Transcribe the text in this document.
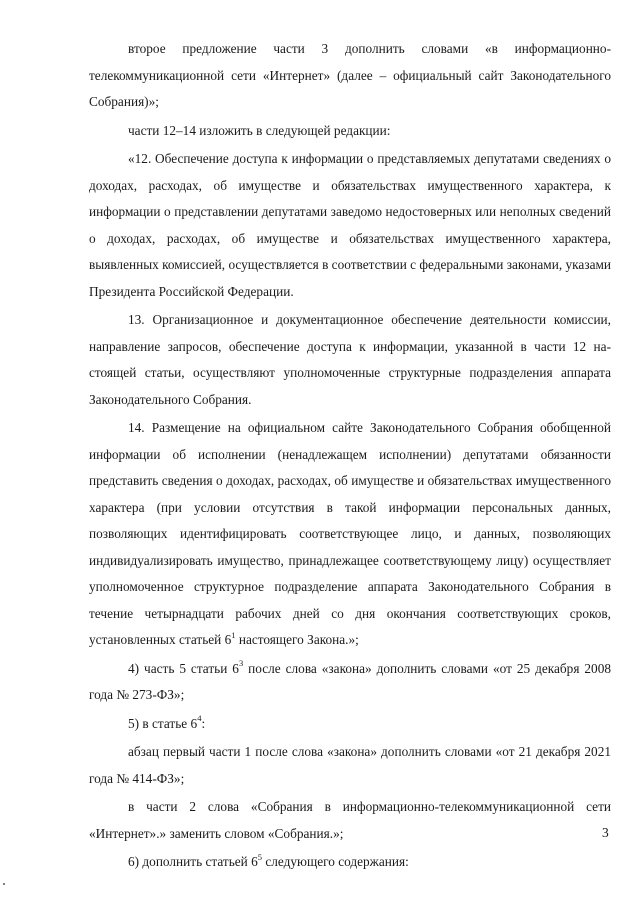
второе предложение части 3 дополнить словами «в информационно-телекоммуникационной сети «Интернет» (далее – официальный сайт Законодательного Собрания)»;

части 12–14 изложить в следующей редакции:

«12. Обеспечение доступа к информации о представляемых депутатами сведениях о доходах, расходах, об имуществе и обязательствах имущественного характера, к информации о представлении депутатами заведомо недостоверных или неполных сведений о доходах, расходах, об имуществе и обязательствах имущественного характера, выявленных комиссией, осуществляется в соответствии с федеральными законами, указами Президента Российской Федерации.

13. Организационное и документационное обеспечение деятельности комиссии, направление запросов, обеспечение доступа к информации, указанной в части 12 настоящей статьи, осуществляют уполномоченные структурные подразделения аппарата Законодательного Собрания.

14. Размещение на официальном сайте Законодательного Собрания обобщенной информации об исполнении (ненадлежащем исполнении) депутатами обязанности представить сведения о доходах, расходах, об имуществе и обязательствах имущественного характера (при условии отсутствия в такой информации персональных данных, позволяющих идентифицировать соответствующее лицо, и данных, позволяющих индивидуализировать имущество, принадлежащее соответствующему лицу) осуществляет уполномоченное структурное подразделение аппарата Законодательного Собрания в течение четырнадцати рабочих дней со дня окончания соответствующих сроков, установленных статьей $6^1$ настоящего Закона.»;

4) часть 5 статьи $6^3$ после слова «закона» дополнить словами «от 25 декабря 2008 года № 273-ФЗ»;

5) в статье $6^4$:

абзац первый части 1 после слова «закона» дополнить словами «от 21 декабря 2021 года № 414-ФЗ»;

в части 2 слова «Собрания в информационно-телекоммуникационной сети «Интернет».» заменить словом «Собрания.»;

6) дополнить статьей $6^5$ следующего содержания:

3
